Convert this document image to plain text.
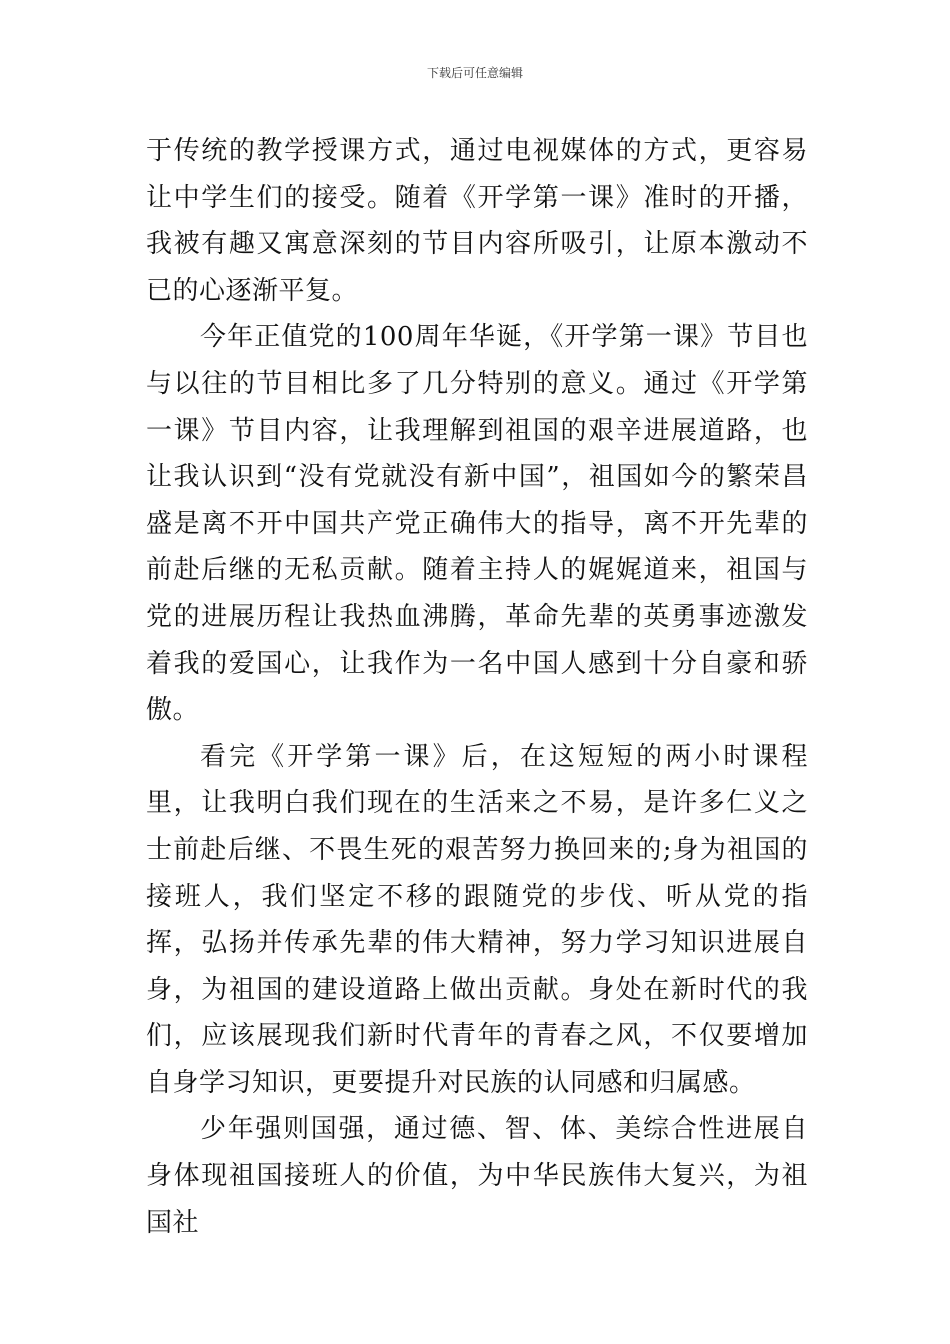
下载后可任意编辑

于传统的教学授课方式，通过电视媒体的方式，更容易让中学生们的接受。随着《开学第一课》准时的开播，我被有趣又寓意深刻的节目内容所吸引，让原本激动不已的心逐渐平复。

今年正值党的100周年华诞，《开学第一课》节目也与以往的节目相比多了几分特别的意义。通过《开学第一课》节目内容，让我理解到祖国的艰辛进展道路，也让我认识到“没有党就没有新中国”，祖国如今的繁荣昌盛是离不开中国共产党正确伟大的指导，离不开先辈的前赴后继的无私贡献。随着主持人的娓娓道来，祖国与党的进展历程让我热血沸腾，革命先辈的英勇事迹激发着我的爱国心，让我作为一名中国人感到十分自豪和骄傲。

看完《开学第一课》后，在这短短的两小时课程里，让我明白我们现在的生活来之不易，是许多仁义之士前赴后继、不畏生死的艰苦努力换回来的;身为祖国的接班人，我们坚定不移的跟随党的步伐、听从党的指挥，弘扬并传承先辈的伟大精神，努力学习知识进展自身，为祖国的建设道路上做出贡献。身处在新时代的我们，应该展现我们新时代青年的青春之风，不仅要增加自身学习知识，更要提升对民族的认同感和归属感。

少年强则国强，通过德、智、体、美综合性进展自身体现祖国接班人的价值，为中华民族伟大复兴，为祖国社
